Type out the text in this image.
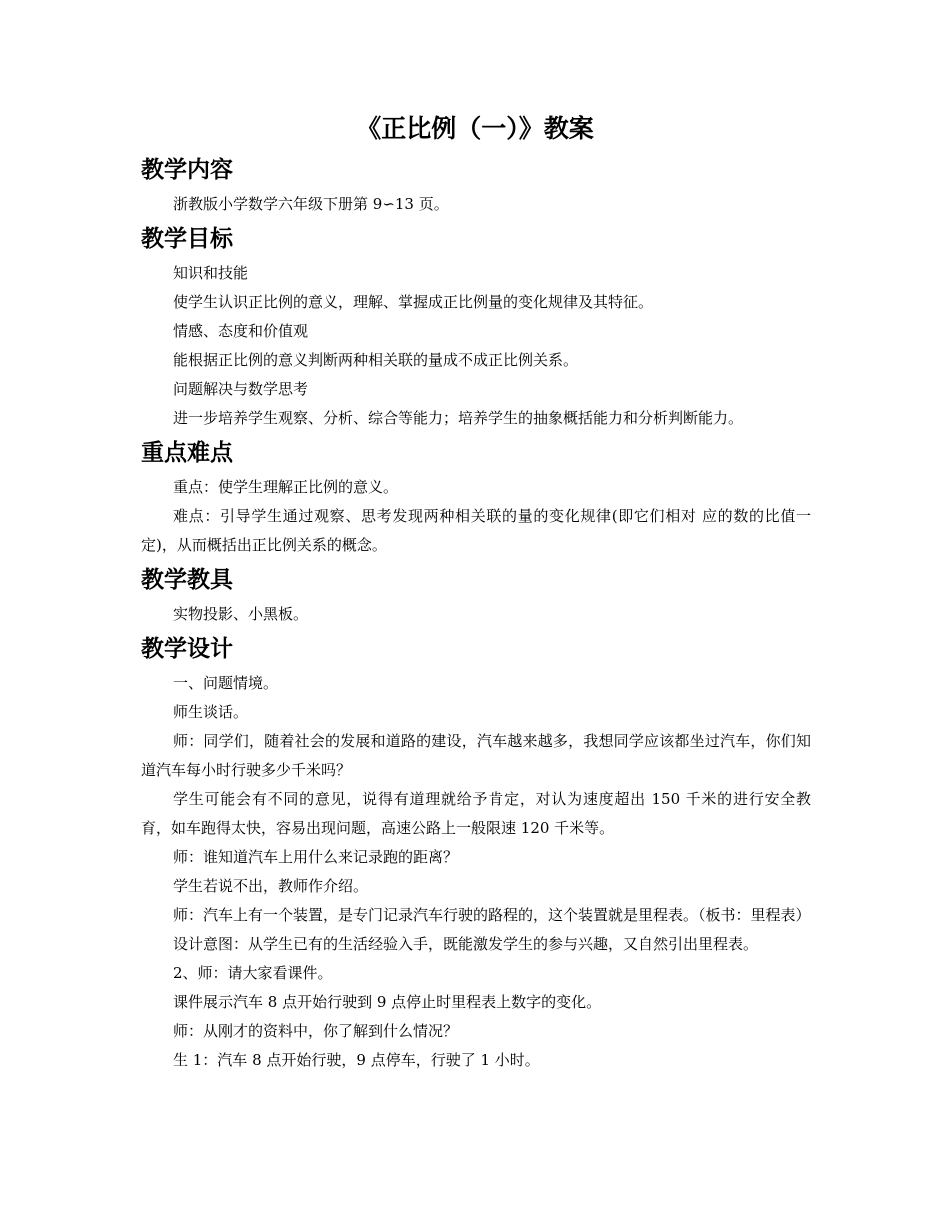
《正比例（一）》教案
教学内容

浙教版小学数学六年级下册第 9∽13 页。

教学目标

知识和技能

使学生认识正比例的意义，理解、掌握成正比例量的变化规律及其特征。

情感、态度和价值观

能根据正比例的意义判断两种相关联的量成不成正比例关系。

问题解决与数学思考

进一步培养学生观察、分析、综合等能力；培养学生的抽象概括能力和分析判断能力。

重点难点

重点：使学生理解正比例的意义。

难点：引导学生通过观察、思考发现两种相关联的量的变化规律(即它们相对 应的数的比值一定)，从而概括出正比例关系的概念。

教学教具

实物投影、小黑板。

教学设计

一、问题情境。

师生谈话。

师：同学们，随着社会的发展和道路的建设，汽车越来越多，我想同学应该都坐过汽车，你们知道汽车每小时行驶多少千米吗？

学生可能会有不同的意见，说得有道理就给予肯定，对认为速度超出 150 千米的进行安全教育，如车跑得太快，容易出现问题，高速公路上一般限速 120 千米等。

师：谁知道汽车上用什么来记录跑的距离？

学生若说不出，教师作介绍。

师：汽车上有一个装置，是专门记录汽车行驶的路程的，这个装置就是里程表。（板书：里程表）

设计意图：从学生已有的生活经验入手，既能激发学生的参与兴趣，又自然引出里程表。

2、师：请大家看课件。

课件展示汽车 8 点开始行驶到 9 点停止时里程表上数字的变化。

师：从刚才的资料中，你了解到什么情况？

生 1：汽车 8 点开始行驶，9 点停车，行驶了 1 小时。
